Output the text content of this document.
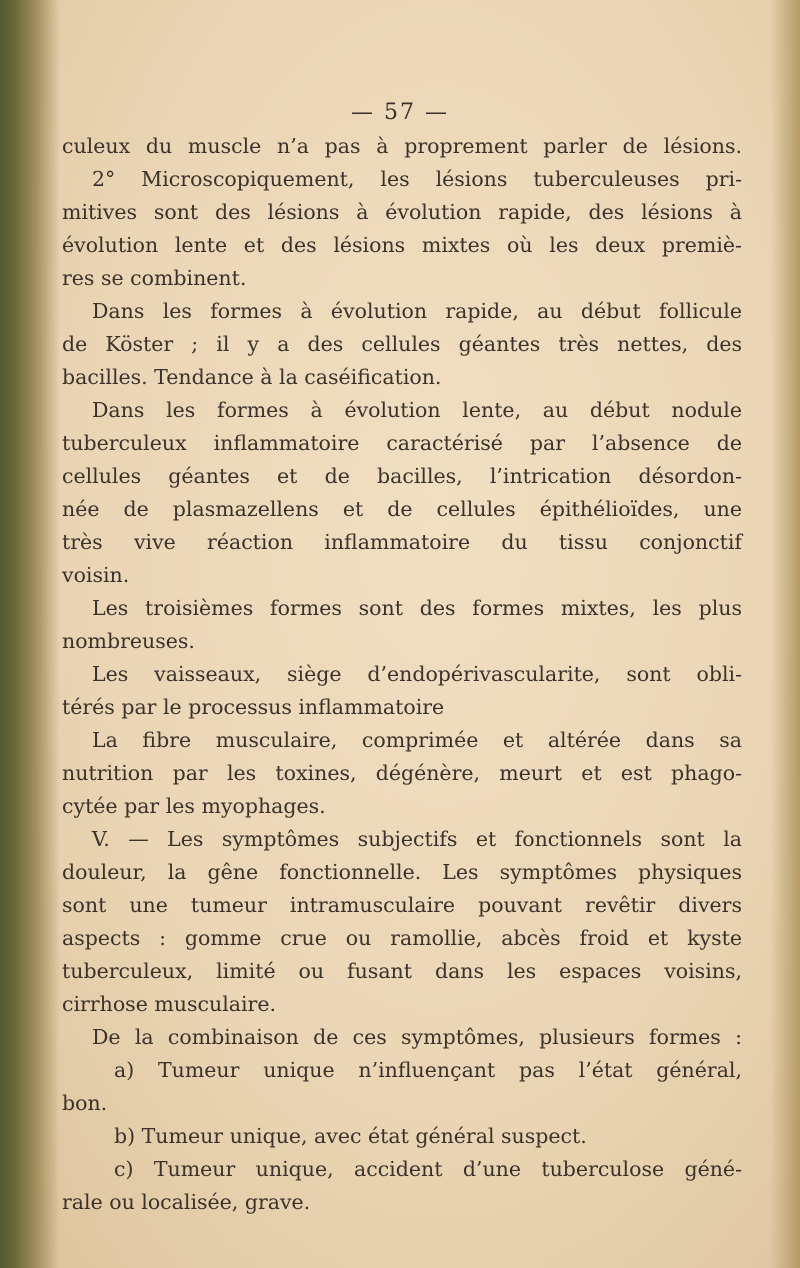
— 57 —
culeux du muscle n’a pas à proprement parler de lésions.
2° Microscopiquement, les lésions tuberculeuses pri-
mitives sont des lésions à évolution rapide, des lésions à
évolution lente et des lésions mixtes où les deux premiè-
res se combinent.
Dans les formes à évolution rapide, au début follicule
de Köster ; il y a des cellules géantes très nettes, des
bacilles. Tendance à la caséification.
Dans les formes à évolution lente, au début nodule
tuberculeux inflammatoire caractérisé par l’absence de
cellules géantes et de bacilles, l’intrication désordon-
née de plasmazellens et de cellules épithélioïdes, une
très vive réaction inflammatoire du tissu conjonctif
voisin.
Les troisièmes formes sont des formes mixtes, les plus
nombreuses.
Les vaisseaux, siège d’endopérivascularite, sont obli-
térés par le processus inflammatoire
La fibre musculaire, comprimée et altérée dans sa
nutrition par les toxines, dégénère, meurt et est phago-
cytée par les myophages.
V. — Les symptômes subjectifs et fonctionnels sont la
douleur, la gêne fonctionnelle. Les symptômes physiques
sont une tumeur intramusculaire pouvant revêtir divers
aspects : gomme crue ou ramollie, abcès froid et kyste
tuberculeux, limité ou fusant dans les espaces voisins,
cirrhose musculaire.
De la combinaison de ces symptômes, plusieurs formes :
a) Tumeur unique n’influençant pas l’état général,
bon.
b) Tumeur unique, avec état général suspect.
c) Tumeur unique, accident d’une tuberculose géné-
rale ou localisée, grave.
